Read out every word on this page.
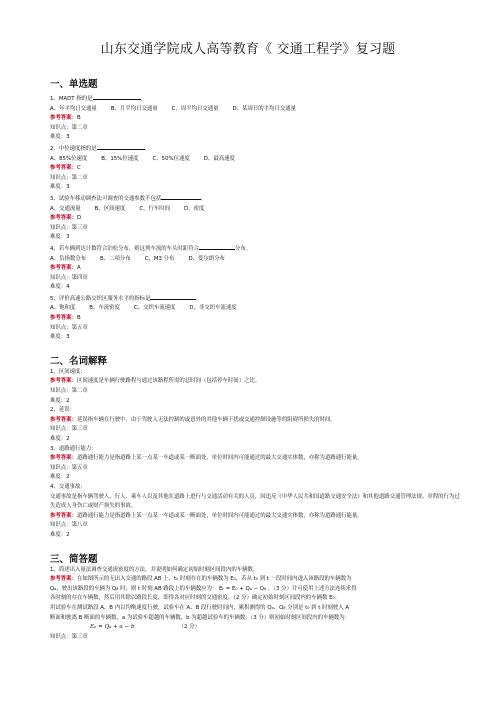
山东交通学院成人高等教育《 交通工程学》复习题
一、单选题
1、MADT 指的是	。
A、年平均日交通量	B、月平均日交通量	C、周平均日交通量	D、某周日的平均日交通量
参考答案：B
知识点：第二章
难度：3
2、中位速度指的是	。
A、85%位速度	B、15%位速度	C、50%位速度	D、最高速度
参考答案：C
知识点：第二章
难度：3
3、试验车移动调查法可调查的交通参数不包括	。
A、交通流量	B、区间速度	C、行车时间	D、密度
参考答案：D
知识点：第三章
难度：3
4、若车辆到达计数符合泊松分布，则这列车流的车头时距符合	分布。
A、负指数分布	B、二项分布	C、M3 分布	D、爱尔朗分布
参考答案：A
知识点：第四章
难度：4
5、评价高速公路交织区服务水平的指标是	。
A、饱和度	B、车流密度	C、交织车流速度	D、非交织车流速度
参考答案：B
知识点：第五章
难度：3
二、名词解释
1、区间速度：
参考答案：区间速度是车辆行驶路程与通过该路程所需的总时间（包括停车时间）之比。
知识点：第二章
难度：2
2、延误：
参考答案：延误指车辆在行驶中，由于驾驶人无法控制的或意外的其他车辆干扰或交通控制设施等的阻碍所损失的时间。
知识点：第三章
难度：2
3、道路通行能力：
参考答案：道路通行能力是指道路上某一点某一车道或某一断面处，单位时间内可能通过的最大交通实体数，亦称为道路通行能量。
知识点：第五章
难度：2
4、交通事故：
交通事故是指车辆驾驶人、行人、乘车人以及其他在道路上进行与交通活动有关的人员，因违反《中华人民共和国道路交通安全法》和其他道路交通管理法规、章程的行为过失造成人身伤亡或财产损失的事故。
参考答案：道路通行能力是指道路上某一点某一车道或某一断面处，单位时间内可能通过的最大交通实体数，亦称为道路通行能量。
知识点：第八章
难度：2
三、简答题
1、简述出入量法调查交通流密度的方法，并说明如何确定初始时刻区间段内的车辆数。
参考答案：在如图所示的无出入交通的路段 AB 上，t₀ 时刻存在的车辆数为 E₀，若从 t₀ 到 t 一段时间内进入该路段的车辆数为
Qₐ，驶出该路段的车辆为 Qᵦ 时，则 t 时刻 AB 路段上的车辆数应为： Eₜ = E₀ + Qₐ − Qᵦ 。（3 分）并可使用上述方法连续求得
各时刻的存在车辆数，然后用其除以路段长度，即得各对应时刻的交通密度。（2 分）确定初始时刻区间段内的车辆数 E₀：
用试验车在测试路段 A、B 内以均衡速度行驶，试验车在 A、B 段行驶时间内，累积测得的 Qₐ、Qᵦ 分别是 t₀ 到 t 时刻驶入 A
断面和驶离 B 断面的车辆数，a 为试验车超越的车辆数，b 为超越试验车的车辆数。（3 分）则初始时刻区间段内的车辆数为：
E₀ = Qᵦ + a − b	（2 分）
知识点：第三章
